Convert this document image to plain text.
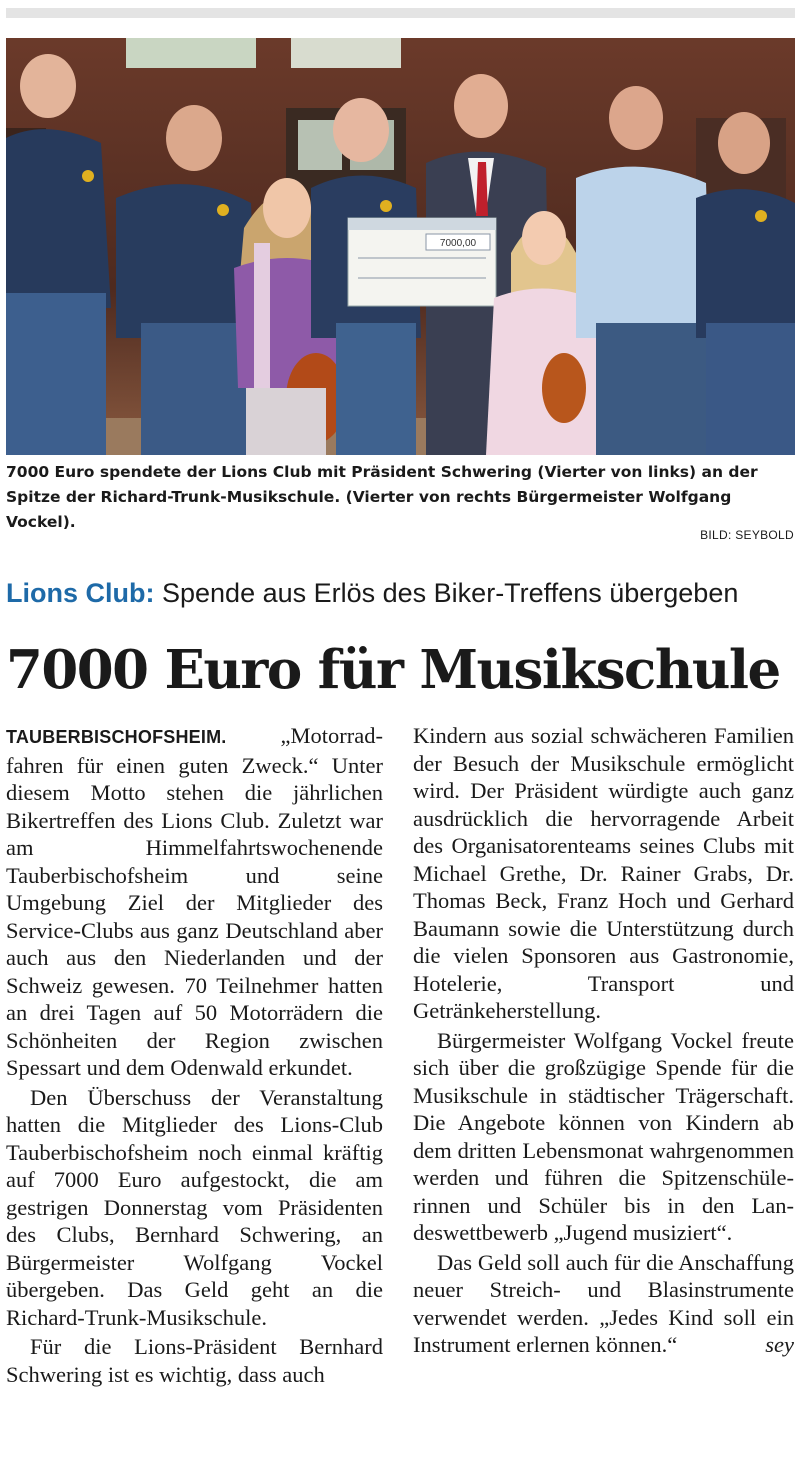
7000,00
7000 Euro spendete der Lions Club mit Präsident Schwering (Vierter von links) an der Spitze der Richard-Trunk-Musikschule. (Vierter von rechts Bürgermeister Wolfgang Vockel).
BILD: SEYBOLD
Lions Club: Spende aus Erlös des Biker-Treffens übergeben
7000 Euro für Musikschule

TAUBERBISCHOFSHEIM. „Motorradfahren für einen guten Zweck.“ Unter diesem Motto stehen die jährlichen Bikertreffen des Lions Club. Zuletzt war am Himmelfahrtswochenende Tauberbischofsheim und seine Umgebung Ziel der Mitglieder des Service-Clubs aus ganz Deutschland aber auch aus den Niederlanden und der Schweiz gewesen. 70 Teilnehmer hatten an drei Tagen auf 50 Motorrädern die Schönheiten der Region zwischen Spessart und dem Odenwald erkundet.

Den Überschuss der Veranstaltung hatten die Mitglieder des Lions-Club Tauberbischofsheim noch einmal kräftig auf 7000 Euro aufgestockt, die am gestrigen Donnerstag vom Präsidenten des Clubs, Bernhard Schwering, an Bürgermeister Wolfgang Vockel übergeben. Das Geld geht an die Richard-Trunk-Musikschule.

Für die Lions-Präsident Bernhard Schwering ist es wichtig, dass auch

Kindern aus sozial schwächeren Familien der Besuch der Musikschule ermöglicht wird. Der Präsident würdigte auch ganz ausdrücklich die hervorragende Arbeit des Organisatorenteams seines Clubs mit Michael Grethe, Dr. Rainer Grabs, Dr. Thomas Beck, Franz Hoch und Gerhard Baumann sowie die Unterstützung durch die vielen Sponsoren aus Gastronomie, Hotelerie, Transport und Getränkeherstellung.

Bürgermeister Wolfgang Vockel freute sich über die großzügige Spende für die Musikschule in städtischer Trägerschaft. Die Angebote können von Kindern ab dem dritten Lebensmonat wahrgenommen werden und führen die Spitzenschülerinnen und Schüler bis in den Landeswettbewerb „Jugend musiziert“.

Das Geld soll auch für die Anschaffung neuer Streich- und Blasinstrumente verwendet werden. „Jedes Kind soll ein Instrument erlernen können.“	sey
